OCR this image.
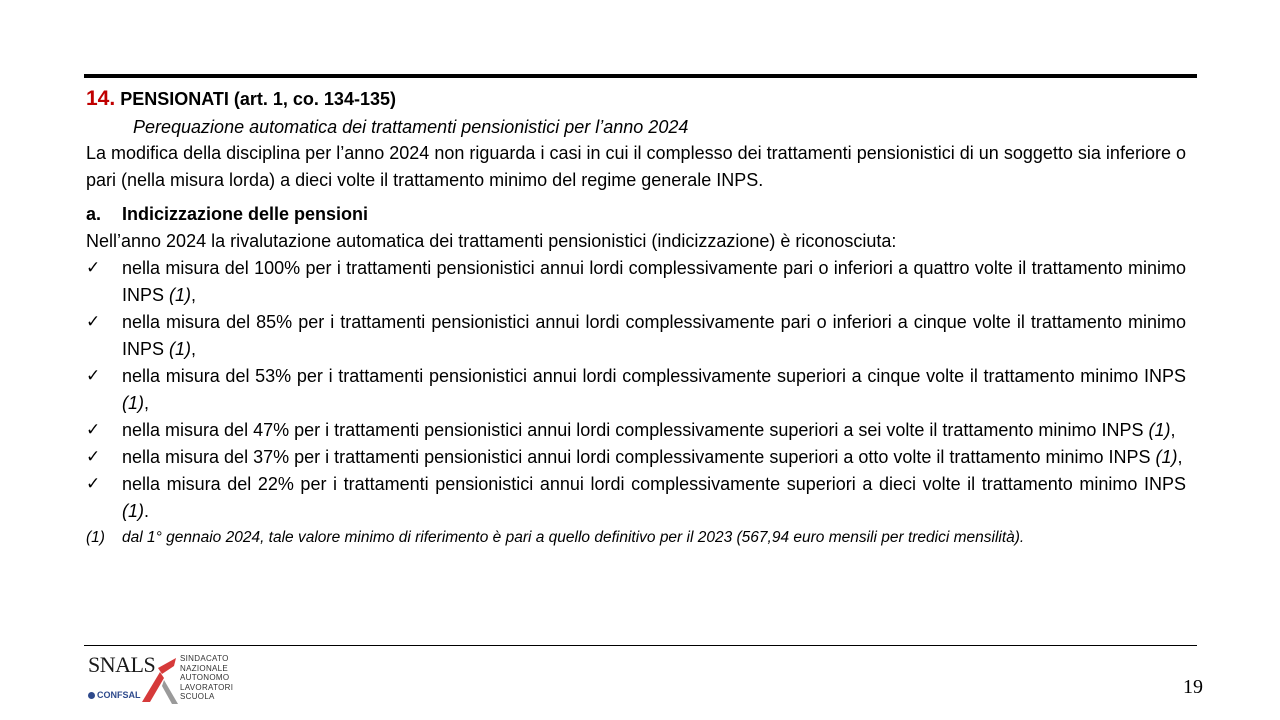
14. PENSIONATI (art. 1, co. 134-135)
Perequazione automatica dei trattamenti pensionistici per l’anno 2024
La modifica della disciplina per l’anno 2024 non riguarda i casi in cui il complesso dei trattamenti pensionistici di un soggetto sia inferiore o pari (nella misura lorda) a dieci volte il trattamento minimo del regime generale INPS.
a.	Indicizzazione delle pensioni
Nell’anno 2024 la rivalutazione automatica dei trattamenti pensionistici (indicizzazione) è riconosciuta:
✓ nella misura del 100% per i trattamenti pensionistici annui lordi complessivamente pari o inferiori a quattro volte il trattamento minimo INPS (1),
✓ nella misura del 85% per i trattamenti pensionistici annui lordi complessivamente pari o inferiori a cinque volte il trattamento minimo INPS (1),
✓ nella misura del 53% per i trattamenti pensionistici annui lordi complessivamente superiori a cinque volte il trattamento minimo INPS (1),
✓ nella misura del 47% per i trattamenti pensionistici annui lordi complessivamente superiori a sei volte il trattamento minimo INPS (1),
✓ nella misura del 37% per i trattamenti pensionistici annui lordi complessivamente superiori a otto volte il trattamento minimo INPS (1),
✓ nella misura del 22% per i trattamenti pensionistici annui lordi complessivamente superiori a dieci volte il trattamento minimo INPS (1).
(1) dal 1° gennaio 2024, tale valore minimo di riferimento è pari a quello definitivo per il 2023 (567,94 euro mensili per tredici mensilità).
SNALS
CONFSAL
SINDACATO
NAZIONALE
AUTONOMO
LAVORATORI
SCUOLA	19
